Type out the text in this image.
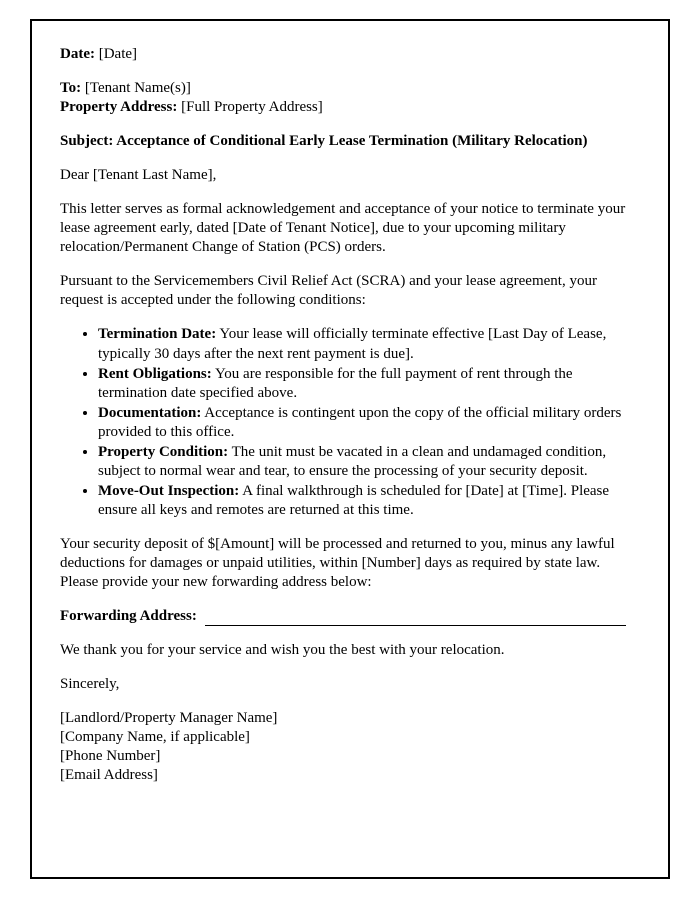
Date: [Date]

To: [Tenant Name(s)]

Property Address: [Full Property Address]

Subject: Acceptance of Conditional Early Lease Termination (Military Relocation)

Dear [Tenant Last Name],

This letter serves as formal acknowledgement and acceptance of your notice to terminate your lease agreement early, dated [Date of Tenant Notice], due to your upcoming military relocation/Permanent Change of Station (PCS) orders.

Pursuant to the Servicemembers Civil Relief Act (SCRA) and your lease agreement, your request is accepted under the following conditions:

• Termination Date: Your lease will officially terminate effective [Last Day of Lease, typically 30 days after the next rent payment is due].
• Rent Obligations: You are responsible for the full payment of rent through the termination date specified above.
• Documentation: Acceptance is contingent upon the copy of the official military orders provided to this office.
• Property Condition: The unit must be vacated in a clean and undamaged condition, subject to normal wear and tear, to ensure the processing of your security deposit.
• Move-Out Inspection: A final walkthrough is scheduled for [Date] at [Time]. Please ensure all keys and remotes are returned at this time.

Your security deposit of $[Amount] will be processed and returned to you, minus any lawful deductions for damages or unpaid utilities, within [Number] days as required by state law. Please provide your new forwarding address below:

Forwarding Address:

We thank you for your service and wish you the best with your relocation.

Sincerely,

[Landlord/Property Manager Name]

[Company Name, if applicable]

[Phone Number]

[Email Address]
